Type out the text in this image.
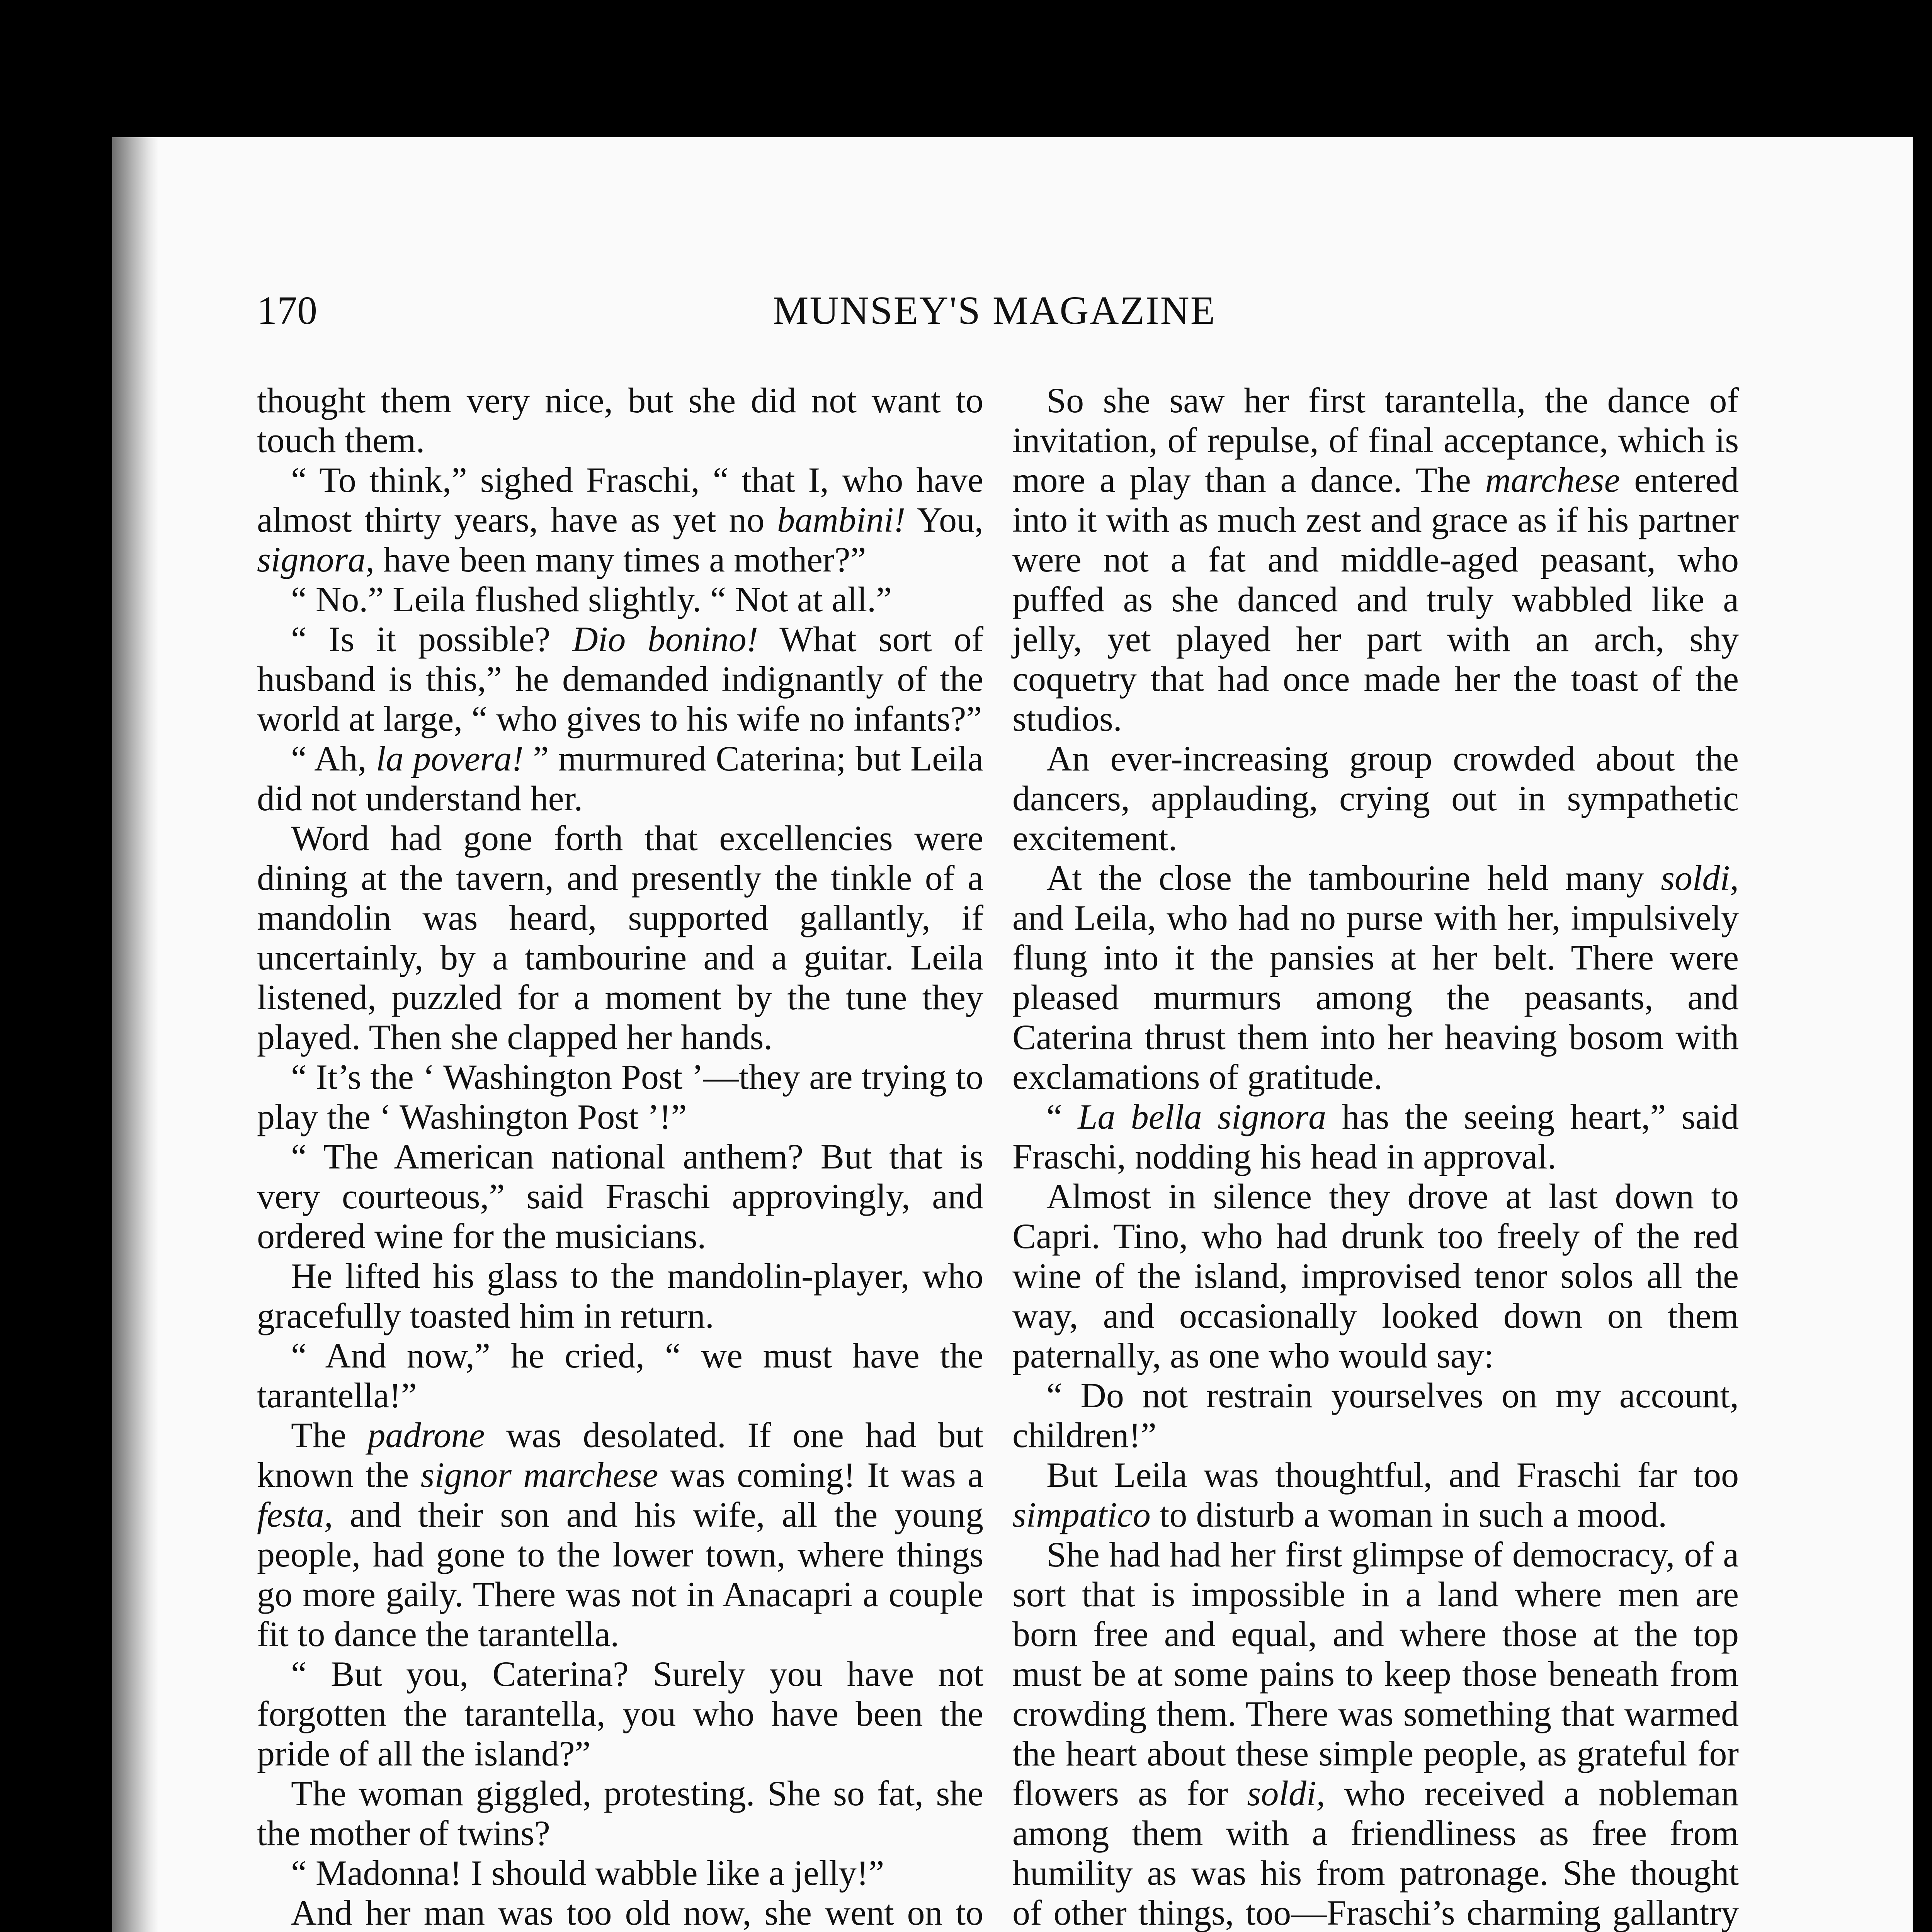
170	MUNSEY'S MAGAZINE

thought them very nice, but she did not want to touch them.

“ To think,” sighed Fraschi, “ that I, who have almost thirty years, have as yet no bambini! You, signora, have been many times a mother?”

“ No.” Leila flushed slightly. “ Not at all.”

“ Is it possible? Dio bonino! What sort of husband is this,” he demanded indignantly of the world at large, “ who gives to his wife no infants?”

“ Ah, la povera! ” murmured Caterina; but Leila did not understand her.

Word had gone forth that excellencies were dining at the tavern, and presently the tinkle of a mandolin was heard, supported gallantly, if uncertainly, by a tambourine and a guitar. Leila listened, puzzled for a moment by the tune they played. Then she clapped her hands.

“ It’s the ‘ Washington Post ’—they are trying to play the ‘ Washington Post ’!”

“ The American national anthem? But that is very courteous,” said Fraschi approvingly, and ordered wine for the musicians.

He lifted his glass to the mandolin-player, who gracefully toasted him in return.

“ And now,” he cried, “ we must have the tarantella!”

The padrone was desolated. If one had but known the signor marchese was coming! It was a festa, and their son and his wife, all the young people, had gone to the lower town, where things go more gaily. There was not in Anacapri a couple fit to dance the tarantella.

“ But you, Caterina? Surely you have not forgotten the tarantella, you who have been the pride of all the island?”

The woman giggled, protesting. She so fat, she the mother of twins?

“ Madonna! I should wabble like a jelly!”

And her man was too old now, she went on to

So she saw her first tarantella, the dance of invitation, of repulse, of final acceptance, which is more a play than a dance. The marchese entered into it with as much zest and grace as if his partner were not a fat and middle-aged peasant, who puffed as she danced and truly wabbled like a jelly, yet played her part with an arch, shy coquetry that had once made her the toast of the studios.

An ever-increasing group crowded about the dancers, applauding, crying out in sympathetic excitement.

At the close the tambourine held many soldi, and Leila, who had no purse with her, impulsively flung into it the pansies at her belt. There were pleased murmurs among the peasants, and Caterina thrust them into her heaving bosom with exclamations of gratitude.

“ La bella signora has the seeing heart,” said Fraschi, nodding his head in approval.

Almost in silence they drove at last down to Capri. Tino, who had drunk too freely of the red wine of the island, improvised tenor solos all the way, and occasionally looked down on them paternally, as one who would say:

“ Do not restrain yourselves on my account, children!”

But Leila was thoughtful, and Fraschi far too simpatico to disturb a woman in such a mood.

She had had her first glimpse of democracy, of a sort that is impossible in a land where men are born free and equal, and where those at the top must be at some pains to keep those beneath from crowding them. There was something that warmed the heart about these simple people, as grateful for flowers as for soldi, who received a nobleman among them with a friendliness as free from humility as was his from patronage. She thought of other things, too—Fraschi’s charming gallantry
